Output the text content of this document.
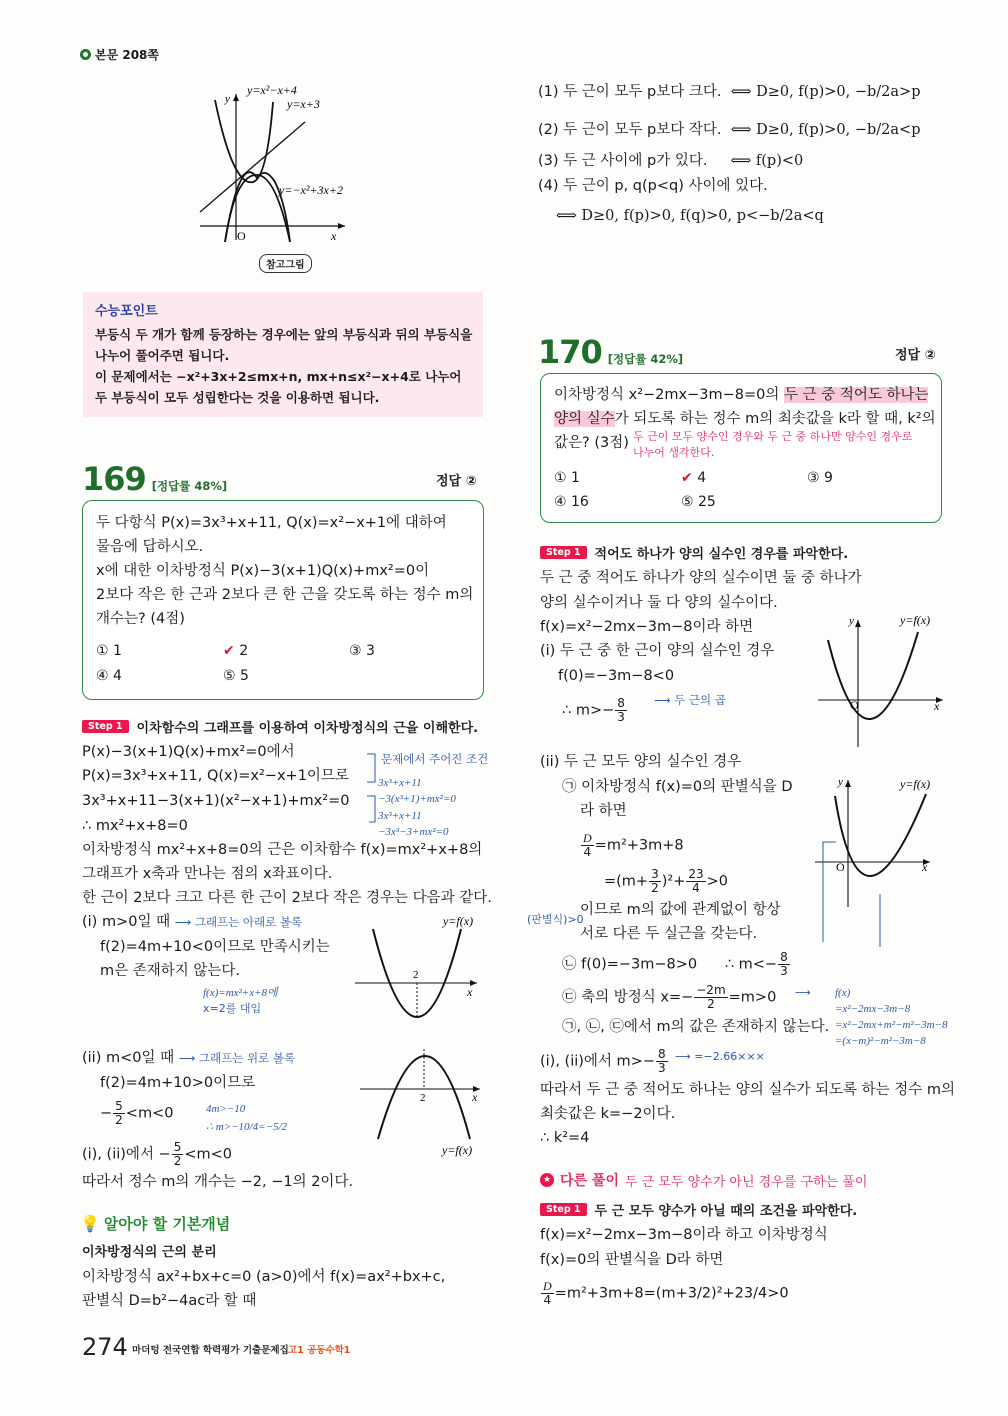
본문 208쪽
y=x²−x+4
y=x+3
y=−x²+3x+2
y
x
O
참고그림
수능포인트
부등식 두 개가 함께 등장하는 경우에는 앞의 부등식과 뒤의 부등식을
나누어 풀어주면 됩니다.
이 문제에서는 −x²+3x+2≤mx+n, mx+n≤x²−x+4로 나누어
두 부등식이 모두 성립한다는 것을 이용하면 됩니다.
169 [정답률 48%]	정답 ②
두 다항식 P(x)=3x³+x+11, Q(x)=x²−x+1에 대하여
물음에 답하시오.
x에 대한 이차방정식 P(x)−3(x+1)Q(x)+mx²=0이
2보다 작은 한 근과 2보다 큰 한 근을 갖도록 하는 정수 m의
개수는? (4점)
① 1	✔ 2	③ 3
④ 4	⑤ 5
Step 1	이차함수의 그래프를 이용하여 이차방정식의 근을 이해한다.
P(x)−3(x+1)Q(x)+mx²=0에서
P(x)=3x³+x+11, Q(x)=x²−x+1이므로
3x³+x+11−3(x+1)(x²−x+1)+mx²=0
∴ mx²+x+8=0
이차방정식 mx²+x+8=0의 근은 이차함수 f(x)=mx²+x+8의
그래프가 x축과 만나는 점의 x좌표이다.
한 근이 2보다 크고 다른 한 근이 2보다 작은 경우는 다음과 같다.
문제에서 주어진 조건
3x³+x+11
−3(x³+1)+mx²=0
3x³+x+11
−3x³−3+mx²=0
(i) m>0일 때 ⟶ 그래프는 아래로 볼록
f(2)=4m+10<0이므로 만족시키는
m은 존재하지 않는다.
f(x)=mx²+x+8에
x=2를 대입
2
x
y=f(x)
(ii) m<0일 때 ⟶ 그래프는 위로 볼록
f(2)=4m+10>0이므로
− $\frac{5}{2} <m<0$	4m>−10
∴ m>−10/4=−5/2
(i), (ii)에서 − $\frac{5}{2} <m<0$
따라서 정수 m의 개수는 −2, −1의 2이다.
2	x
y=f(x)
💡 알아야 할 기본개념
이차방정식의 근의 분리
이차방정식 ax²+bx+c=0 (a>0)에서 f(x)=ax²+bx+c,
판별식 D=b²−4ac라 할 때
274 마더텅 전국연합 학력평가 기출문제집 고1 공동수학1
(1) 두 근이 모두 p보다 크다. ⟺ D≥0, f(p)>0, −b/2a>p
(2) 두 근이 모두 p보다 작다. ⟺ D≥0, f(p)>0, −b/2a<p
(3) 두 근 사이에 p가 있다. ⟺ f(p)<0
(4) 두 근이 p, q(p<q) 사이에 있다.
⟺ D≥0, f(p)>0, f(q)>0, p<−b/2a<q
170 [정답률 42%]	정답 ②
이차방정식 x²−2mx−3m−8=0의 두 근 중 적어도 하나는
양의 실수가 되도록 하는 정수 m의 최솟값을 k라 할 때, k²의
값은? (3점) 두 근이 모두 양수인 경우와 두 근 중 하나만 양수인 경우로
나누어 생각한다.
① 1	✔ 4	③ 9
④ 16	⑤ 25
Step 1	적어도 하나가 양의 실수인 경우를 파악한다.
두 근 중 적어도 하나가 양의 실수이면 둘 중 하나가
양의 실수이거나 둘 다 양의 실수이다.
f(x)=x²−2mx−3m−8이라 하면
(i) 두 근 중 한 근이 양의 실수인 경우
f(0)=−3m−8<0
∴ $m>- \frac{8}{3}$ ⟶ 두 근의 곱	O
y
x
y=f(x)
(ii) 두 근 모두 양의 실수인 경우
㉠ 이차방정식 f(x)=0의 판별식을 D
라 하면
$\frac{D}{4} =m^2+3m+8$
$=(m+ \frac{3}{2} )^2+ \frac{23}{4} >0$
이므로 m의 값에 관계없이 항상
서로 다른 두 실근을 갖는다.
(판별식)>0
O
y
x
y=f(x)
㉡ f(0)=−3m−8>0 ∴ $m<- \frac{8}{3}$
㉢ 축의 방정식 $x=- \frac{-2m}{2} =m>0$ ⟶ f(x)
=x²−2mx−3m−8
=x²−2mx+m²−m²−3m−8
=(x−m)²−m²−3m−8
㉠, ㉡, ㉢에서 m의 값은 존재하지 않는다.
(i), (ii)에서 $m>- \frac{8}{3}$ ⟶ =−2.66×××
따라서 두 근 중 적어도 하나는 양의 실수가 되도록 하는 정수 m의
최솟값은 k=−2이다.
∴ k²=4
★ 다른 풀이 두 근 모두 양수가 아닌 경우를 구하는 풀이
Step 1	두 근 모두 양수가 아닐 때의 조건을 파악한다.
f(x)=x²−2mx−3m−8이라 하고 이차방정식
f(x)=0의 판별식을 D라 하면
$\frac{D}{4} =m^2+3m+8=(m+3/2)^2+23/4>0$
